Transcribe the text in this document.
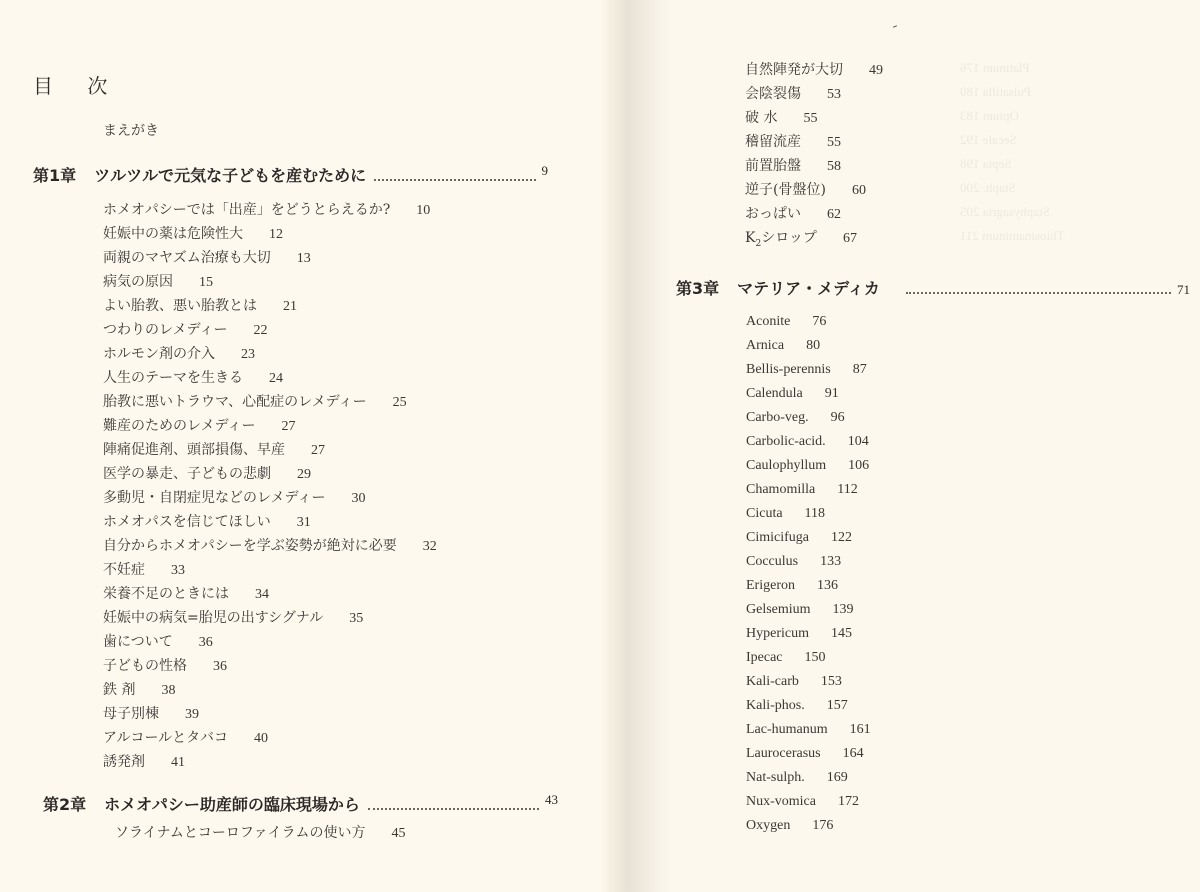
目 次
まえがき
第1章 ツルツルで元気な子どもを産むために	9
ホメオパシーでは「出産」をどうとらえるか? 10
妊娠中の薬は危険性大 12
両親のマヤズム治療も大切 13
病気の原因 15
よい胎教、悪い胎教とは 21
つわりのレメディー 22
ホルモン剤の介入 23
人生のテーマを生きる 24
胎教に悪いトラウマ、心配症のレメディー 25
難産のためのレメディー 27
陣痛促進剤、頭部損傷、早産 27
医学の暴走、子どもの悲劇 29
多動児・自閉症児などのレメディー 30
ホメオパスを信じてほしい 31
自分からホメオパシーを学ぶ姿勢が絶対に必要 32
不妊症 33
栄養不足のときには 34
妊娠中の病気=胎児の出すシグナル 35
歯について 36
子どもの性格 36
鉄 剤 38
母子別棟 39
アルコールとタバコ 40
誘発剤 41
第2章 ホメオパシー助産師の臨床現場から	43
ソライナムとコーロファイラムの使い方 45
自然陣発が大切 49
会陰裂傷 53
破 水 55
稽留流産 55
前置胎盤 58
逆子(骨盤位) 60
おっぱい 62
$K_2$シロップ 67
第3章 マテリア・メディカ	71
Aconite 76
Arnica 80
Bellis-perennis 87
Calendula 91
Carbo-veg. 96
Carbolic-acid. 104
Caulophyllum 106
Chamomilla 112
Cicuta 118
Cimicifuga 122
Cocculus 133
Erigeron 136
Gelsemium 139
Hypericum 145
Ipecac 150
Kali-carb 153
Kali-phos. 157
Lac-humanum 161
Laurocerasus 164
Nat-sulph. 169
Nux-vomica 172
Oxygen 176
